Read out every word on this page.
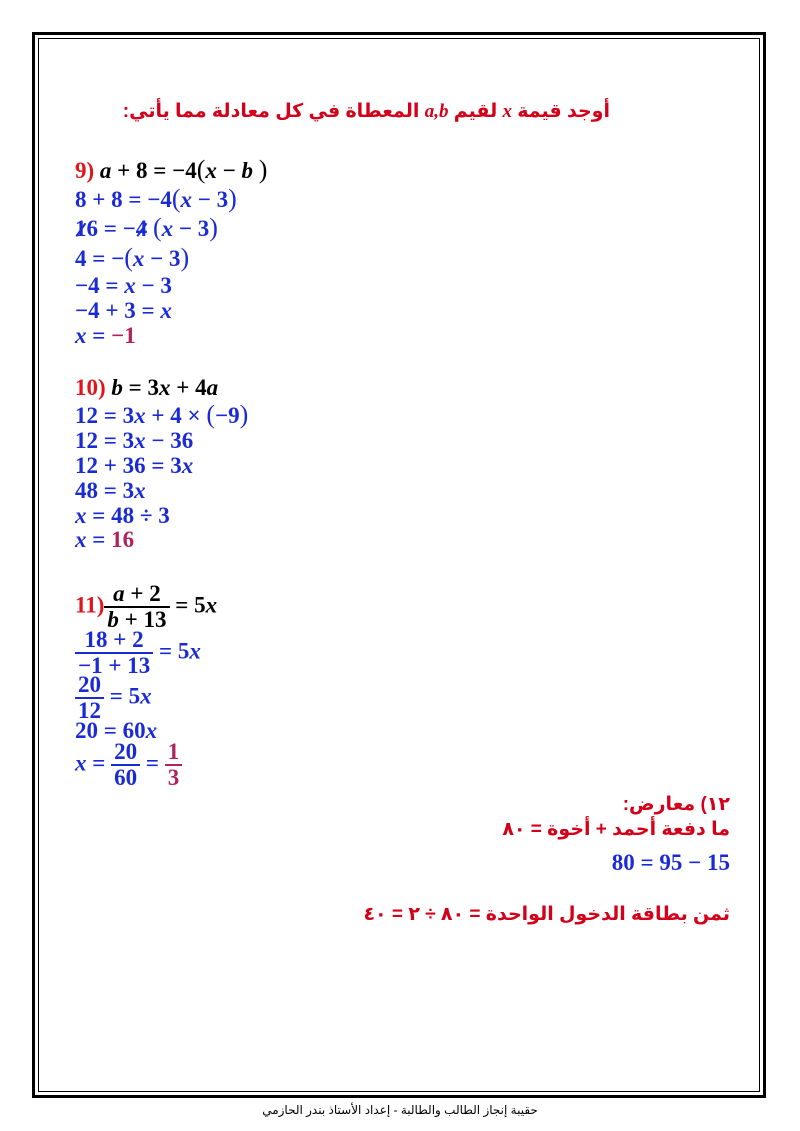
أوجد قيمة x لقيم a,b المعطاة في كل معادلة مما يأتي:
9) a + 8 = −4(x − b )
8 + 8 = −4(x − 3)
16 = −4 (x − 3)
4 = −(x − 3)
−4 = x − 3
−4 + 3 = x
x = −1
10) b = 3x + 4a
12 = 3x + 4 × (−9)
12 = 3x − 36
12 + 36 = 3x
48 = 3x
x = 48 ÷ 3
x = 16
$11) \frac{a + 2}{b + 13} = 5x$
$\frac{18 + 2}{-1 + 13} = 5x$
$\frac{20}{12} = 5x$
20 = 60x
$x = \frac{20}{60} = \frac{1}{3}$
١٢) معارض:
ما دفعة أحمد + أخوة = ٨٠
80 = 95 − 15
ثمن بطاقة الدخول الواحدة = ٨٠ ÷ ٢ = ٤٠
حقيبة إنجاز الطالب والطالبة - إعداد الأستاذ بندر الحازمي
